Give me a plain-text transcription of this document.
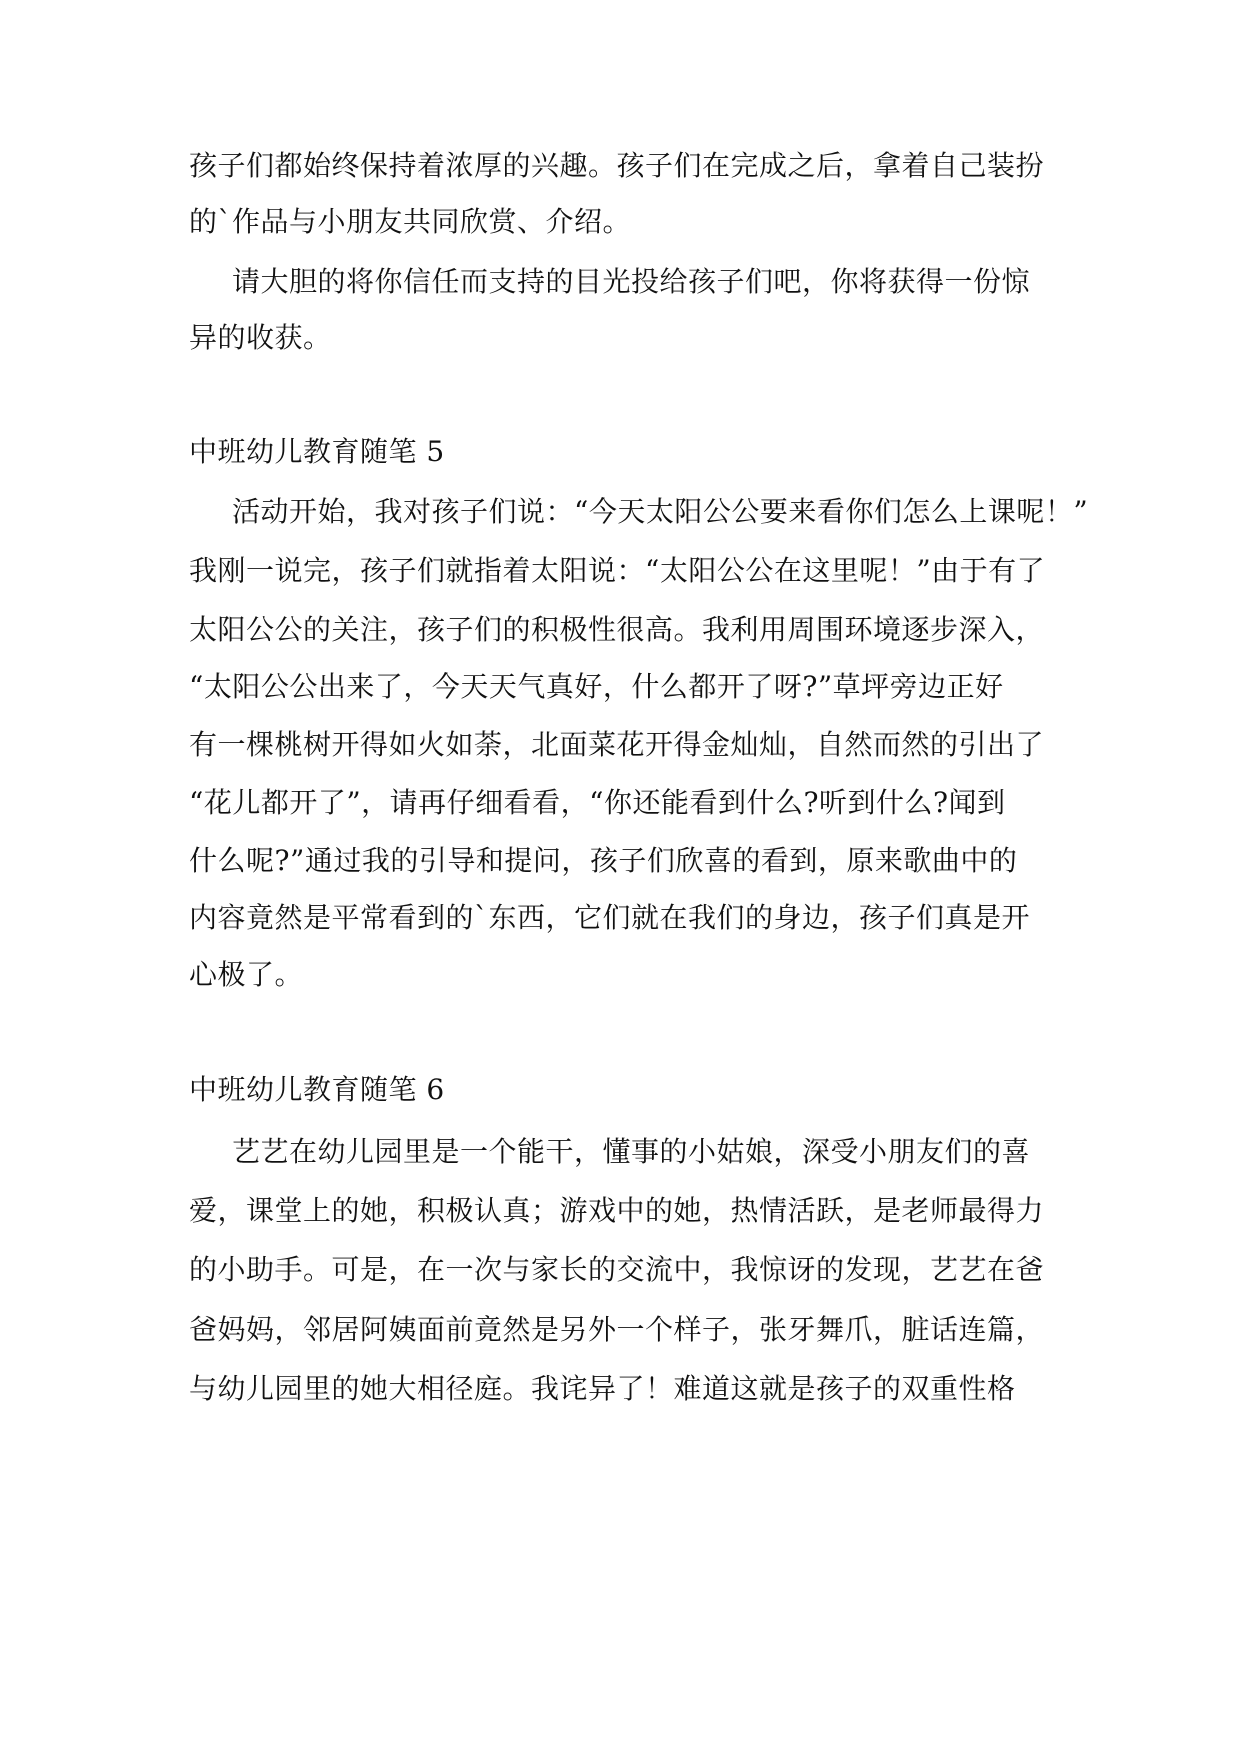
孩子们都始终保持着浓厚的兴趣。孩子们在完成之后，拿着自己装扮
的`作品与小朋友共同欣赏、介绍。
请大胆的将你信任而支持的目光投给孩子们吧，你将获得一份惊
异的收获。
中班幼儿教育随笔 5
活动开始，我对孩子们说：“今天太阳公公要来看你们怎么上课呢！”
我刚一说完，孩子们就指着太阳说：“太阳公公在这里呢！”由于有了
太阳公公的关注，孩子们的积极性很高。我利用周围环境逐步深入，
“太阳公公出来了，今天天气真好，什么都开了呀?”草坪旁边正好
有一棵桃树开得如火如荼，北面菜花开得金灿灿，自然而然的引出了
“花儿都开了”，请再仔细看看，“你还能看到什么?听到什么?闻到
什么呢?”通过我的引导和提问，孩子们欣喜的看到，原来歌曲中的
内容竟然是平常看到的`东西，它们就在我们的身边，孩子们真是开
心极了。
中班幼儿教育随笔 6
艺艺在幼儿园里是一个能干，懂事的小姑娘，深受小朋友们的喜
爱，课堂上的她，积极认真；游戏中的她，热情活跃，是老师最得力
的小助手。可是，在一次与家长的交流中，我惊讶的发现，艺艺在爸
爸妈妈，邻居阿姨面前竟然是另外一个样子，张牙舞爪，脏话连篇，
与幼儿园里的她大相径庭。我诧异了！难道这就是孩子的双重性格
